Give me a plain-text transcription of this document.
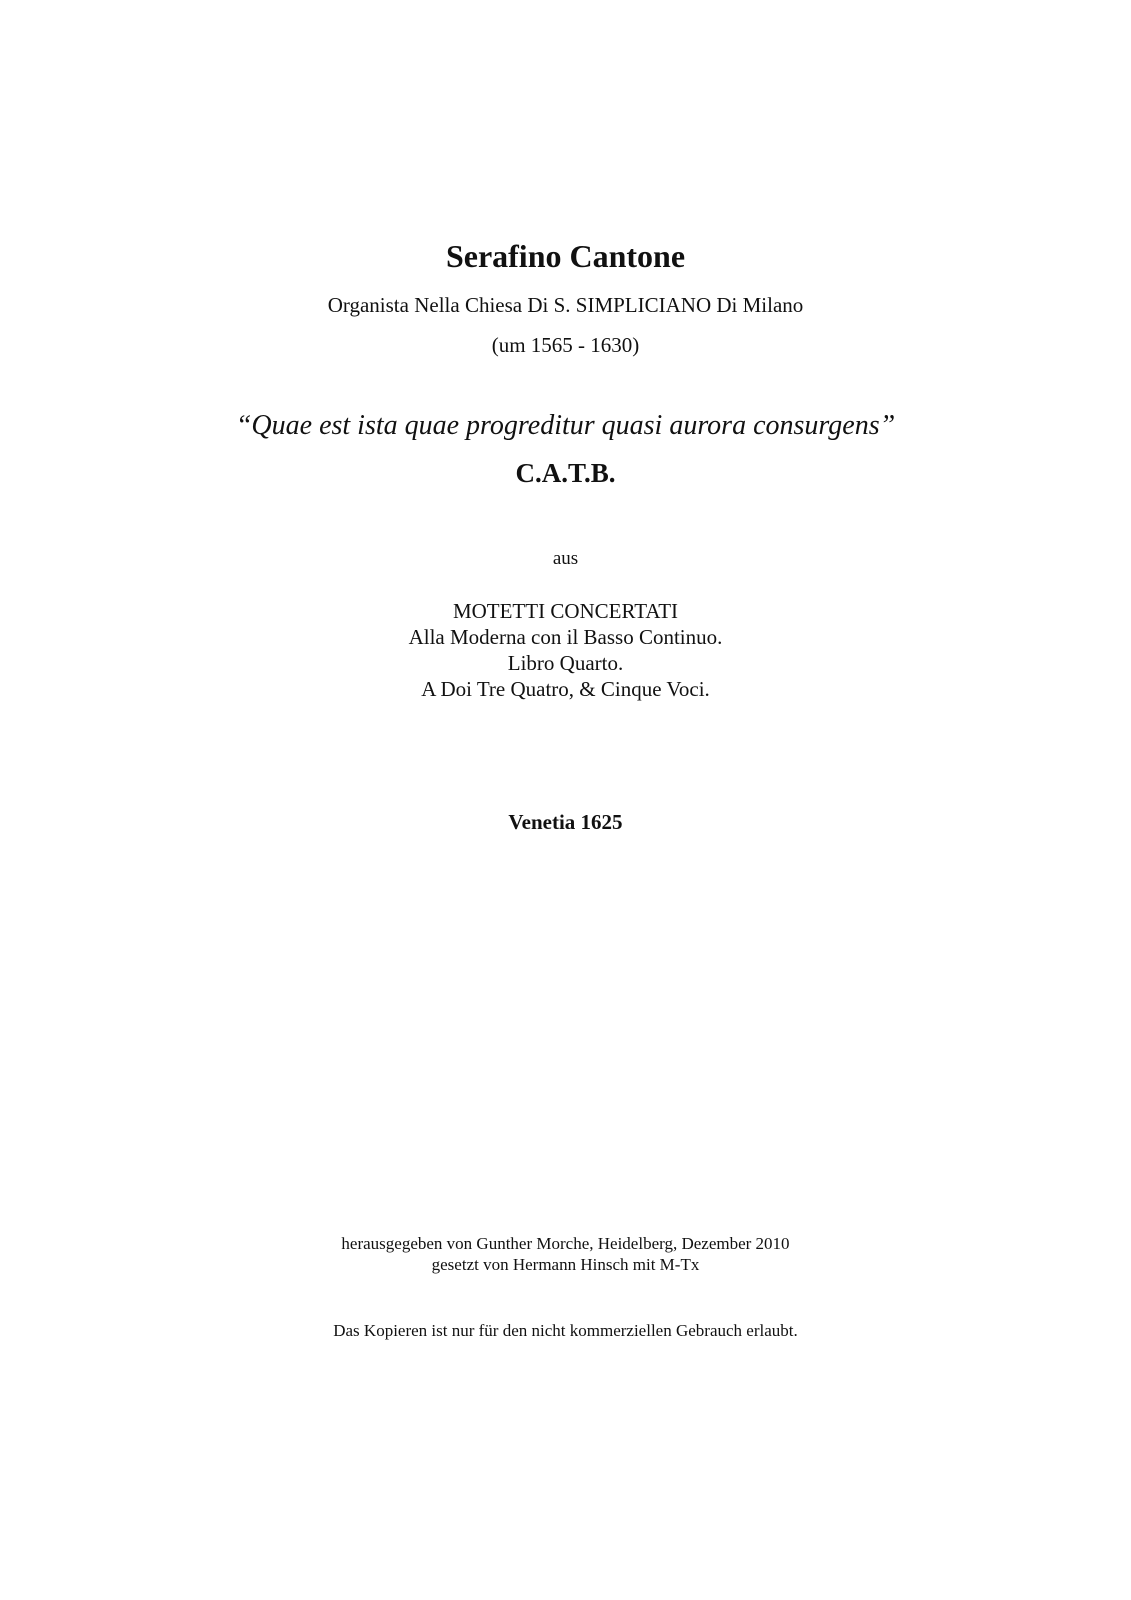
Serafino Cantone
Organista Nella Chiesa Di S. SIMPLICIANO Di Milano
(um 1565 - 1630)
“Quae est ista quae progreditur quasi aurora consurgens”
C.A.T.B.
aus
MOTETTI CONCERTATI
Alla Moderna con il Basso Continuo.
Libro Quarto.
A Doi Tre Quatro, & Cinque Voci.
Venetia 1625
herausgegeben von Gunther Morche, Heidelberg, Dezember 2010
gesetzt von Hermann Hinsch mit M-Tx
Das Kopieren ist nur für den nicht kommerziellen Gebrauch erlaubt.
